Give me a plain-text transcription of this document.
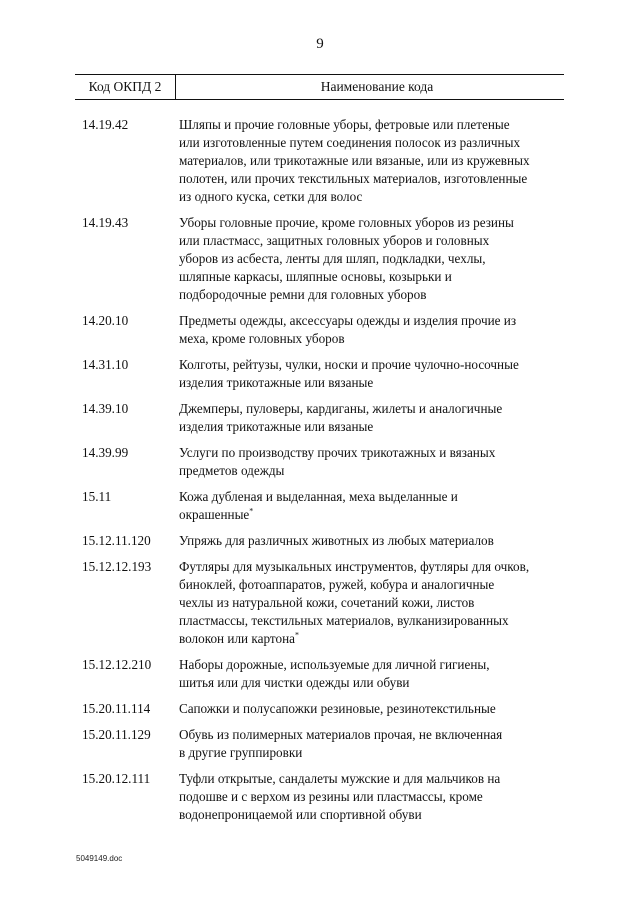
9
Код ОКПД 2	Наименование кода
14.19.42	Шляпы и прочие головные уборы, фетровые или плетеные
или изготовленные путем соединения полосок из различных
материалов, или трикотажные или вязаные, или из кружевных
полотен, или прочих текстильных материалов, изготовленные
из одного куска, сетки для волос
14.19.43	Уборы головные прочие, кроме головных уборов из резины
или пластмасс, защитных головных уборов и головных
уборов из асбеста, ленты для шляп, подкладки, чехлы,
шляпные каркасы, шляпные основы, козырьки и
подбородочные ремни для головных уборов
14.20.10	Предметы одежды, аксессуары одежды и изделия прочие из
меха, кроме головных уборов
14.31.10	Колготы, рейтузы, чулки, носки и прочие чулочно-носочные
изделия трикотажные или вязаные
14.39.10	Джемперы, пуловеры, кардиганы, жилеты и аналогичные
изделия трикотажные или вязаные
14.39.99	Услуги по производству прочих трикотажных и вязаных
предметов одежды
15.11	Кожа дубленая и выделанная, меха выделанные и
окрашенные*
15.12.11.120	Упряжь для различных животных из любых материалов
15.12.12.193	Футляры для музыкальных инструментов, футляры для очков,
биноклей, фотоаппаратов, ружей, кобура и аналогичные
чехлы из натуральной кожи, сочетаний кожи, листов
пластмассы, текстильных материалов, вулканизированных
волокон или картона*
15.12.12.210	Наборы дорожные, используемые для личной гигиены,
шитья или для чистки одежды или обуви
15.20.11.114	Сапожки и полусапожки резиновые, резинотекстильные
15.20.11.129	Обувь из полимерных материалов прочая, не включенная
в другие группировки
15.20.12.111	Туфли открытые, сандалеты мужские и для мальчиков на
подошве и с верхом из резины или пластмассы, кроме
водонепроницаемой или спортивной обуви
5049149.doc
